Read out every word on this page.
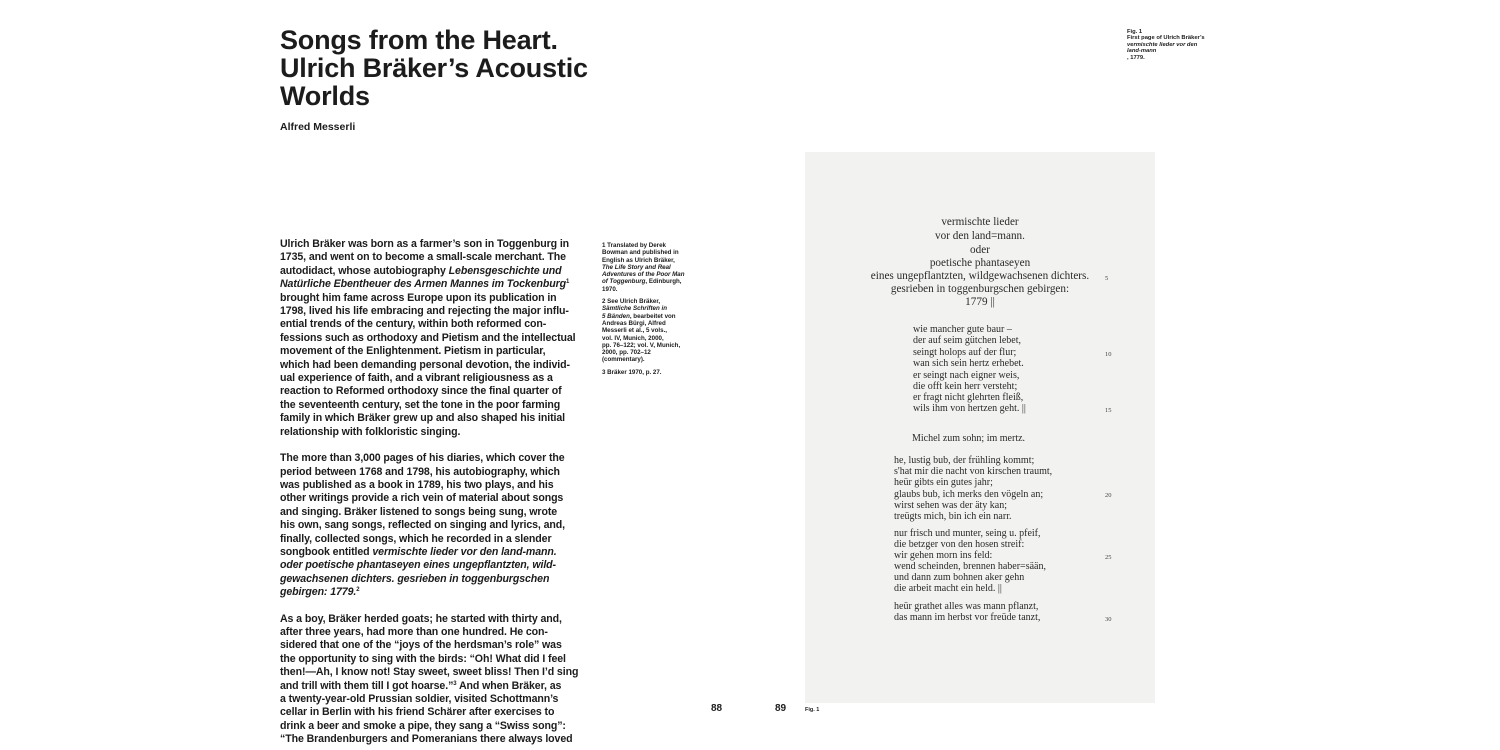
Songs from the Heart.
Ulrich Bräker’s Acoustic
Worlds
Alfred Messerli

Ulrich Bräker was born as a farmer’s son in Toggenburg in
1735, and went on to become a small-scale merchant. The
autodidact, whose autobiography Lebensgeschichte und
Natürliche Ebentheuer des Armen Mannes im Tockenburg$^1$
brought him fame across Europe upon its publication in
1798, lived his life embracing and rejecting the major influ-
ential trends of the century, within both reformed con-
fessions such as orthodoxy and Pietism and the intellectual
movement of the Enlightenment. Pietism in particular,
which had been demanding personal devotion, the individ-
ual experience of faith, and a vibrant religiousness as a
reaction to Reformed orthodoxy since the final quarter of
the seventeenth century, set the tone in the poor farming
family in which Bräker grew up and also shaped his initial
relationship with folkloristic singing.

The more than 3,000 pages of his diaries, which cover the
period between 1768 and 1798, his autobiography, which
was published as a book in 1789, his two plays, and his
other writings provide a rich vein of material about songs
and singing. Bräker listened to songs being sung, wrote
his own, sang songs, reflected on singing and lyrics, and,
finally, collected songs, which he recorded in a slender
songbook entitled vermischte lieder vor den land-mann.
oder poetische phantaseyen eines ungepflantzten, wild-
gewachsenen dichters. gesrieben in toggenburgschen
gebirgen: 1779.$^2$

As a boy, Bräker herded goats; he started with thirty and,
after three years, had more than one hundred. He con-
sidered that one of the “joys of the herdsman’s role” was
the opportunity to sing with the birds: “Oh! What did I feel
then!—Ah, I know not! Stay sweet, sweet bliss! Then I’d sing
and trill with them till I got hoarse.”$^3$ And when Bräker, as
a twenty-year-old Prussian soldier, visited Schottmann’s
cellar in Berlin with his friend Schärer after exercises to
drink a beer and smoke a pipe, they sang a “Swiss song”:
“The Brandenburgers and Pomeranians there always loved

1 Translated by Derek
Bowman and published in
English as Ulrich Bräker,
The Life Story and Real
Adventures of the Poor Man
of Toggenburg, Edinburgh,
1970.
2 See Ulrich Bräker,
Sämtliche Schriften in
5 Bänden, bearbeitet von
Andreas Bürgi, Alfred
Messerli et al., 5 vols.,
vol. IV, Munich, 2000,
pp. 76–122; vol. V, Munich,
2000, pp. 702–12
(commentary).
3 Bräker 1970, p. 27.
88	89	Fig. 1
Fig. 1
First page of Ulrich Bräker’s
vermischte lieder vor den
land-mann
, 1779.
vermischte lieder
vor den land=mann.
oder
poetische phantaseyen
eines ungepflantzten, wildgewachsenen dichters.
gesrieben in toggenburgschen gebirgen:
1779 ||
wie mancher gute baur –
der auf seim gütchen lebet,
seingt holops auf der flur;
wan sich sein hertz erhebet.
er seingt nach eigner weis,
die offt kein herr versteht;
er fragt nicht glehrten fleiß,
wils ihm von hertzen geht. ||
Michel zum sohn; im mertz.
he, lustig bub, der frühling kommt;
s'hat mir die nacht von kirschen traumt,
heür gibts ein gutes jahr;
glaubs bub, ich merks den vögeln an;
wirst sehen was der äty kan;
treügts mich, bin ich ein narr.
nur frisch und munter, seing u. pfeif,
die betzger von den hosen streif:
wir gehen morn ins feld:
wend scheinden, brennen haber=sään,
und dann zum bohnen aker gehn
die arbeit macht ein held. ||
heür grathet alles was mann pflanzt,
das mann im herbst vor freüde tanzt,
5
10
15
20
25
30
